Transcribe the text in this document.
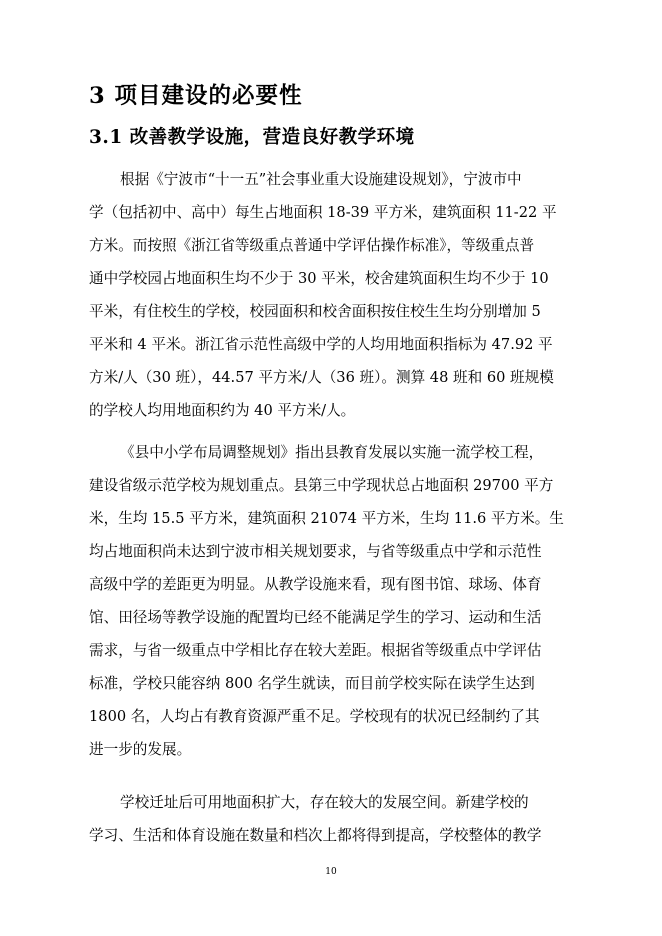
3 项目建设的必要性
3.1 改善教学设施，营造良好教学环境
根据《宁波市“十一五”社会事业重大设施建设规划》，宁波市中
学（包括初中、高中）每生占地面积 18-39 平方米，建筑面积 11-22 平
方米。而按照《浙江省等级重点普通中学评估操作标准》，等级重点普
通中学校园占地面积生均不少于 30 平米，校舍建筑面积生均不少于 10
平米，有住校生的学校，校园面积和校舍面积按住校生生均分别增加 5
平米和 4 平米。浙江省示范性高级中学的人均用地面积指标为 47.92 平
方米/人（30 班），44.57 平方米/人（36 班）。测算 48 班和 60 班规模
的学校人均用地面积约为 40 平方米/人。
《县中小学布局调整规划》指出县教育发展以实施一流学校工程，
建设省级示范学校为规划重点。县第三中学现状总占地面积 29700 平方
米，生均 15.5 平方米，建筑面积 21074 平方米，生均 11.6 平方米。生
均占地面积尚未达到宁波市相关规划要求，与省等级重点中学和示范性
高级中学的差距更为明显。从教学设施来看，现有图书馆、球场、体育
馆、田径场等教学设施的配置均已经不能满足学生的学习、运动和生活
需求，与省一级重点中学相比存在较大差距。根据省等级重点中学评估
标准，学校只能容纳 800 名学生就读，而目前学校实际在读学生达到
1800 名，人均占有教育资源严重不足。学校现有的状况已经制约了其
进一步的发展。
学校迁址后可用地面积扩大，存在较大的发展空间。新建学校的
学习、生活和体育设施在数量和档次上都将得到提高，学校整体的教学
10
